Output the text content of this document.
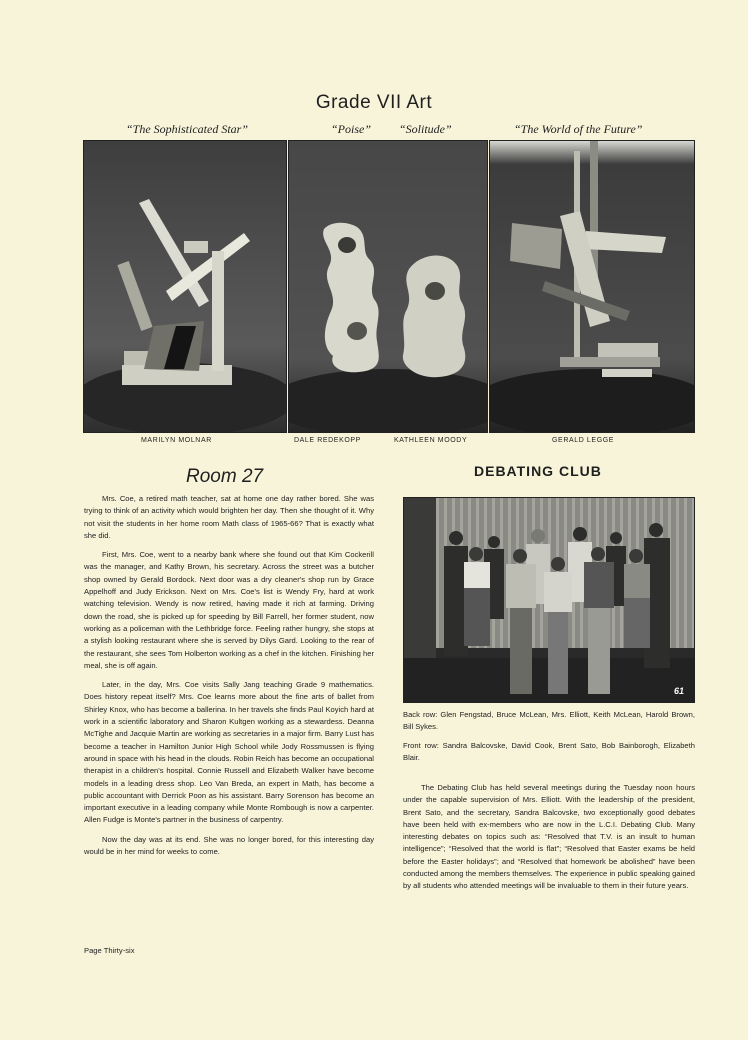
Grade VII Art
“The Sophisticated Star”	“Poise” “Solitude”	“The World of the Future”
MARILYN MOLNAR	DALE REDEKOPP	KATHLEEN MOODY	GERALD LEGGE
Room 27

Mrs. Coe, a retired math teacher, sat at home one day rather bored. She was trying to think of an activity which would brighten her day. Then she thought of it. Why not visit the students in her home room Math class of 1965-66? That is exactly what she did.

First, Mrs. Coe, went to a nearby bank where she found out that Kim Cockerill was the manager, and Kathy Brown, his secretary. Across the street was a butcher shop owned by Gerald Bordock. Next door was a dry cleaner's shop run by Grace Appelhoff and Judy Erickson. Next on Mrs. Coe's list is Wendy Fry, hard at work watching television. Wendy is now retired, having made it rich at farming. Driving down the road, she is picked up for speeding by Bill Farrell, her former student, now working as a policeman with the Lethbridge force. Feeling rather hungry, she stops at a stylish looking restaurant where she is served by Dilys Gard. Looking to the rear of the restaurant, she sees Tom Holberton working as a chef in the kitchen. Finishing her meal, she is off again.

Later, in the day, Mrs. Coe visits Sally Jang teaching Grade 9 mathematics. Does history repeat itself? Mrs. Coe learns more about the fine arts of ballet from Shirley Knox, who has become a ballerina. In her travels she finds Paul Koyich hard at work in a scientific laboratory and Sharon Kultgen working as a stewardess. Deanna McTighe and Jacquie Martin are working as secretaries in a major firm. Barry Lust has become a teacher in Hamilton Junior High School while Jody Rossmussen is flying around in space with his head in the clouds. Robin Reich has become an occupational therapist in a children's hospital. Connie Russell and Elizabeth Walker have become models in a leading dress shop. Leo Van Breda, an expert in Math, has become a public accountant with Derrick Poon as his assistant. Barry Sorenson has become an important executive in a leading company while Monte Rombough is now a carpenter. Allen Fudge is Monte's partner in the business of carpentry.

Now the day was at its end. She was no longer bored, for this interesting day would be in her mind for weeks to come.

DEBATING CLUB
61

Back row: Glen Fengstad, Bruce McLean, Mrs. Elliott, Keith McLean, Harold Brown, Bill Sykes.

Front row: Sandra Balcovske, David Cook, Brent Sato, Bob Bainborogh, Elizabeth Blair.

The Debating Club has held several meetings during the Tuesday noon hours under the capable supervision of Mrs. Elliott. With the leadership of the president, Brent Sato, and the secretary, Sandra Balcovske, two exceptionally good debates have been held with ex-members who are now in the L.C.I. Debating Club. Many interesting debates on topics such as: “Resolved that T.V. is an insult to human intelligence”; “Resolved that the world is flat”; “Resolved that Easter exams be held before the Easter holidays”; and “Resolved that homework be abolished” have been conducted among the members themselves. The experience in public speaking gained by all students who attended meetings will be invaluable to them in their future years.

Page Thirty-six
